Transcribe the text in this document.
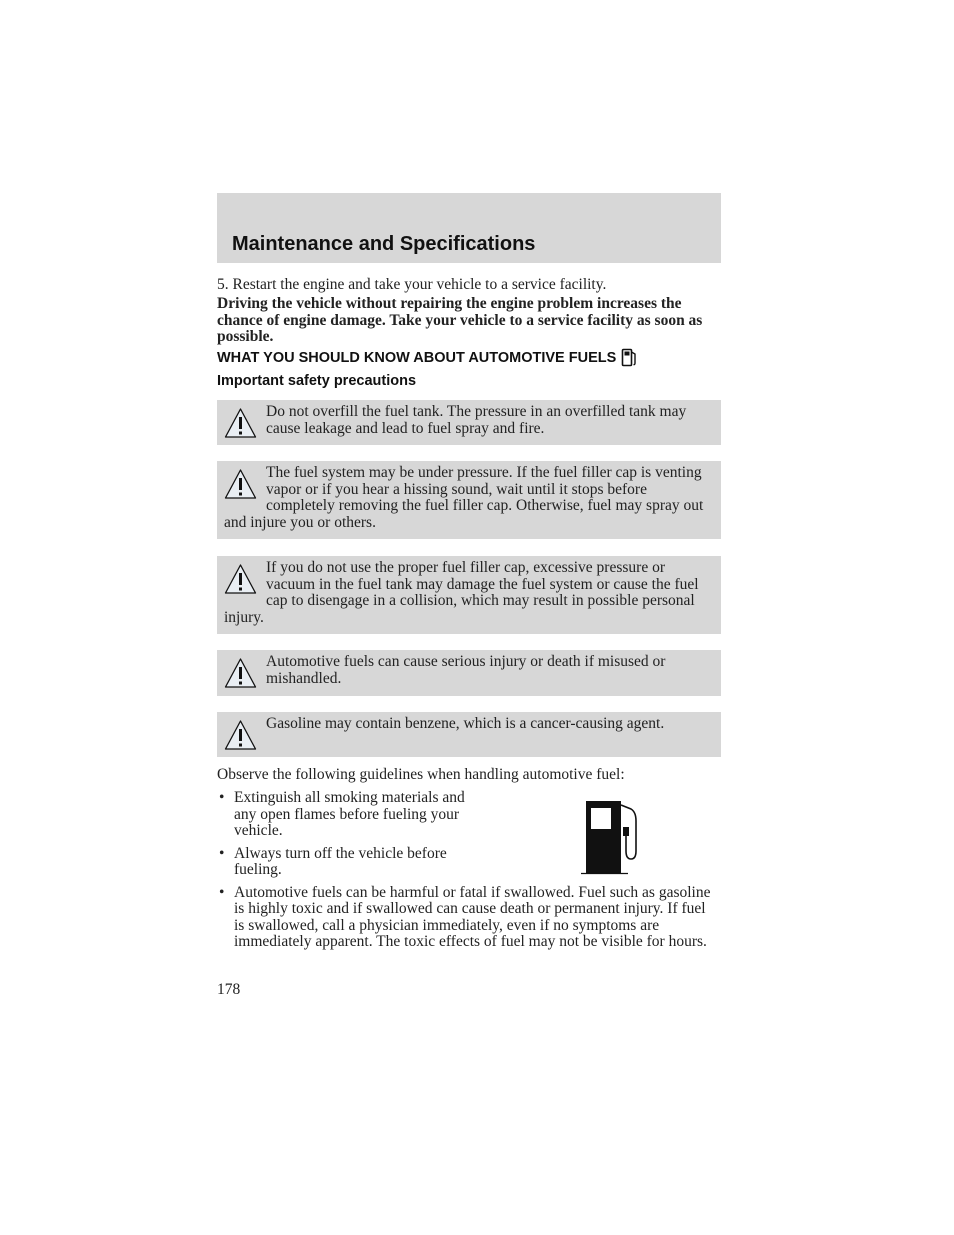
Maintenance and Specifications
5. Restart the engine and take your vehicle to a service facility.
Driving the vehicle without repairing the engine problem increases the chance of engine damage. Take your vehicle to a service facility as soon as possible.
WHAT YOU SHOULD KNOW ABOUT AUTOMOTIVE FUELS
Important safety precautions

Do not overfill the fuel tank. The pressure in an overfilled tank may cause leakage and lead to fuel spray and fire.

The fuel system may be under pressure. If the fuel filler cap is venting vapor or if you hear a hissing sound, wait until it stops before completely removing the fuel filler cap. Otherwise, fuel may spray out and injure you or others.

If you do not use the proper fuel filler cap, excessive pressure or vacuum in the fuel tank may damage the fuel system or cause the fuel cap to disengage in a collision, which may result in possible personal injury.

Automotive fuels can cause serious injury or death if misused or mishandled.

Gasoline may contain benzene, which is a cancer-causing agent.

Observe the following guidelines when handling automotive fuel:
• Extinguish all smoking materials and any open flames before fueling your vehicle.
• Always turn off the vehicle before fueling.
• Automotive fuels can be harmful or fatal if swallowed. Fuel such as gasoline is highly toxic and if swallowed can cause death or permanent injury. If fuel is swallowed, call a physician immediately, even if no symptoms are immediately apparent. The toxic effects of fuel may not be visible for hours.
178
